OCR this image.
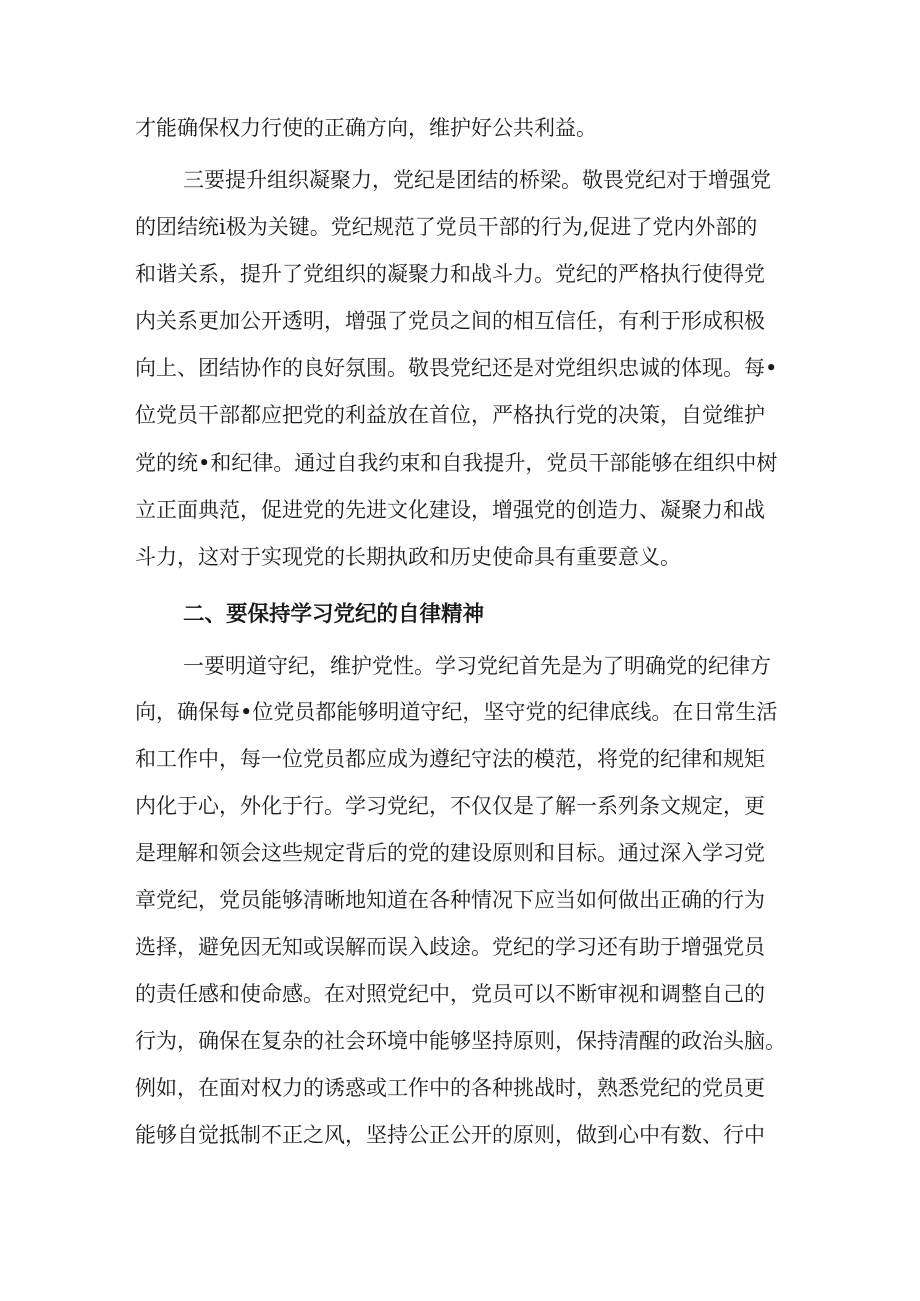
才能确保权力行使的正确方向，维护好公共利益。
三要提升组织凝聚力，党纪是团结的桥梁。敬畏党纪对于增强党
的团结统i极为关键。党纪规范了党员干部的行为,促进了党内外部的
和谐关系，提升了党组织的凝聚力和战斗力。党纪的严格执行使得党
内关系更加公开透明，增强了党员之间的相互信任，有利于形成积极
向上、团结协作的良好氛围。敬畏党纪还是对党组织忠诚的体现。每•
位党员干部都应把党的利益放在首位，严格执行党的决策，自觉维护
党的统•和纪律。通过自我约束和自我提升，党员干部能够在组织中树
立正面典范，促进党的先进文化建设，增强党的创造力、凝聚力和战
斗力，这对于实现党的长期执政和历史使命具有重要意义。
二、要保持学习党纪的自律精神
一要明道守纪，维护党性。学习党纪首先是为了明确党的纪律方
向，确保每•位党员都能够明道守纪，坚守党的纪律底线。在日常生活
和工作中，每一位党员都应成为遵纪守法的模范，将党的纪律和规矩
内化于心，外化于行。学习党纪，不仅仅是了解一系列条文规定，更
是理解和领会这些规定背后的党的建设原则和目标。通过深入学习党
章党纪，党员能够清晰地知道在各种情况下应当如何做出正确的行为
选择，避免因无知或误解而误入歧途。党纪的学习还有助于增强党员
的责任感和使命感。在对照党纪中，党员可以不断审视和调整自己的
行为，确保在复杂的社会环境中能够坚持原则，保持清醒的政治头脑。
例如，在面对权力的诱惑或工作中的各种挑战时，熟悉党纪的党员更
能够自觉抵制不正之风，坚持公正公开的原则，做到心中有数、行中
